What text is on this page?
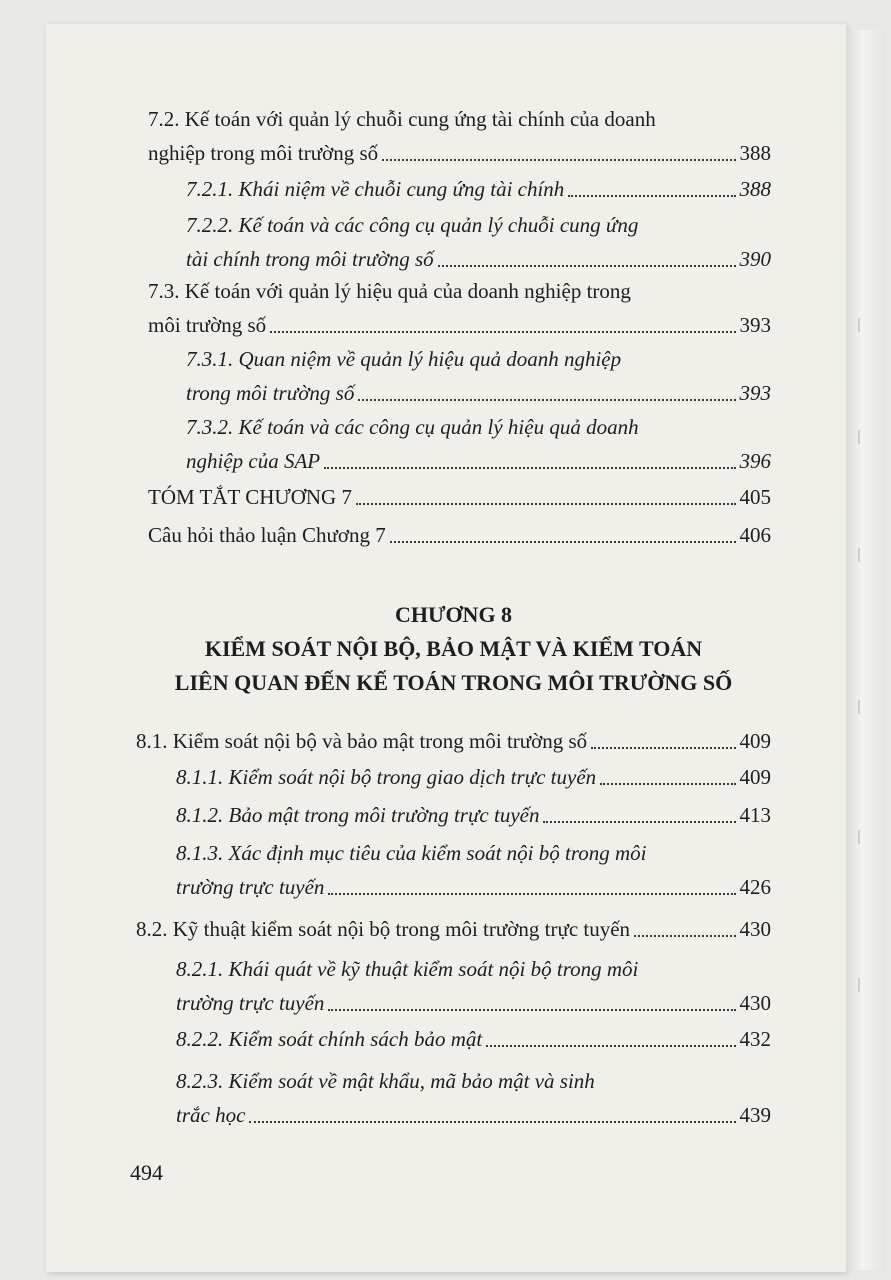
7.2. Kế toán với quản lý chuỗi cung ứng tài chính của doanh
nghiệp trong môi trường số	388
7.2.1. Khái niệm về chuỗi cung ứng tài chính	388
7.2.2. Kế toán và các công cụ quản lý chuỗi cung ứng
tài chính trong môi trường số	390
7.3. Kế toán với quản lý hiệu quả của doanh nghiệp trong
môi trường số	393
7.3.1. Quan niệm về quản lý hiệu quả doanh nghiệp
trong môi trường số	393
7.3.2. Kế toán và các công cụ quản lý hiệu quả doanh
nghiệp của SAP	396
TÓM TẮT CHƯƠNG 7	405
Câu hỏi thảo luận Chương 7	406
CHƯƠNG 8
KIỂM SOÁT NỘI BỘ, BẢO MẬT VÀ KIỂM TOÁN
LIÊN QUAN ĐẾN KẾ TOÁN TRONG MÔI TRƯỜNG SỐ
8.1. Kiểm soát nội bộ và bảo mật trong môi trường số	409
8.1.1. Kiểm soát nội bộ trong giao dịch trực tuyến	409
8.1.2. Bảo mật trong môi trường trực tuyến	413
8.1.3. Xác định mục tiêu của kiểm soát nội bộ trong môi
trường trực tuyến	426
8.2. Kỹ thuật kiểm soát nội bộ trong môi trường trực tuyến	430
8.2.1. Khái quát về kỹ thuật kiểm soát nội bộ trong môi
trường trực tuyến	430
8.2.2. Kiểm soát chính sách bảo mật	432
8.2.3. Kiểm soát về mật khẩu, mã bảo mật và sinh
trắc học	439
494
